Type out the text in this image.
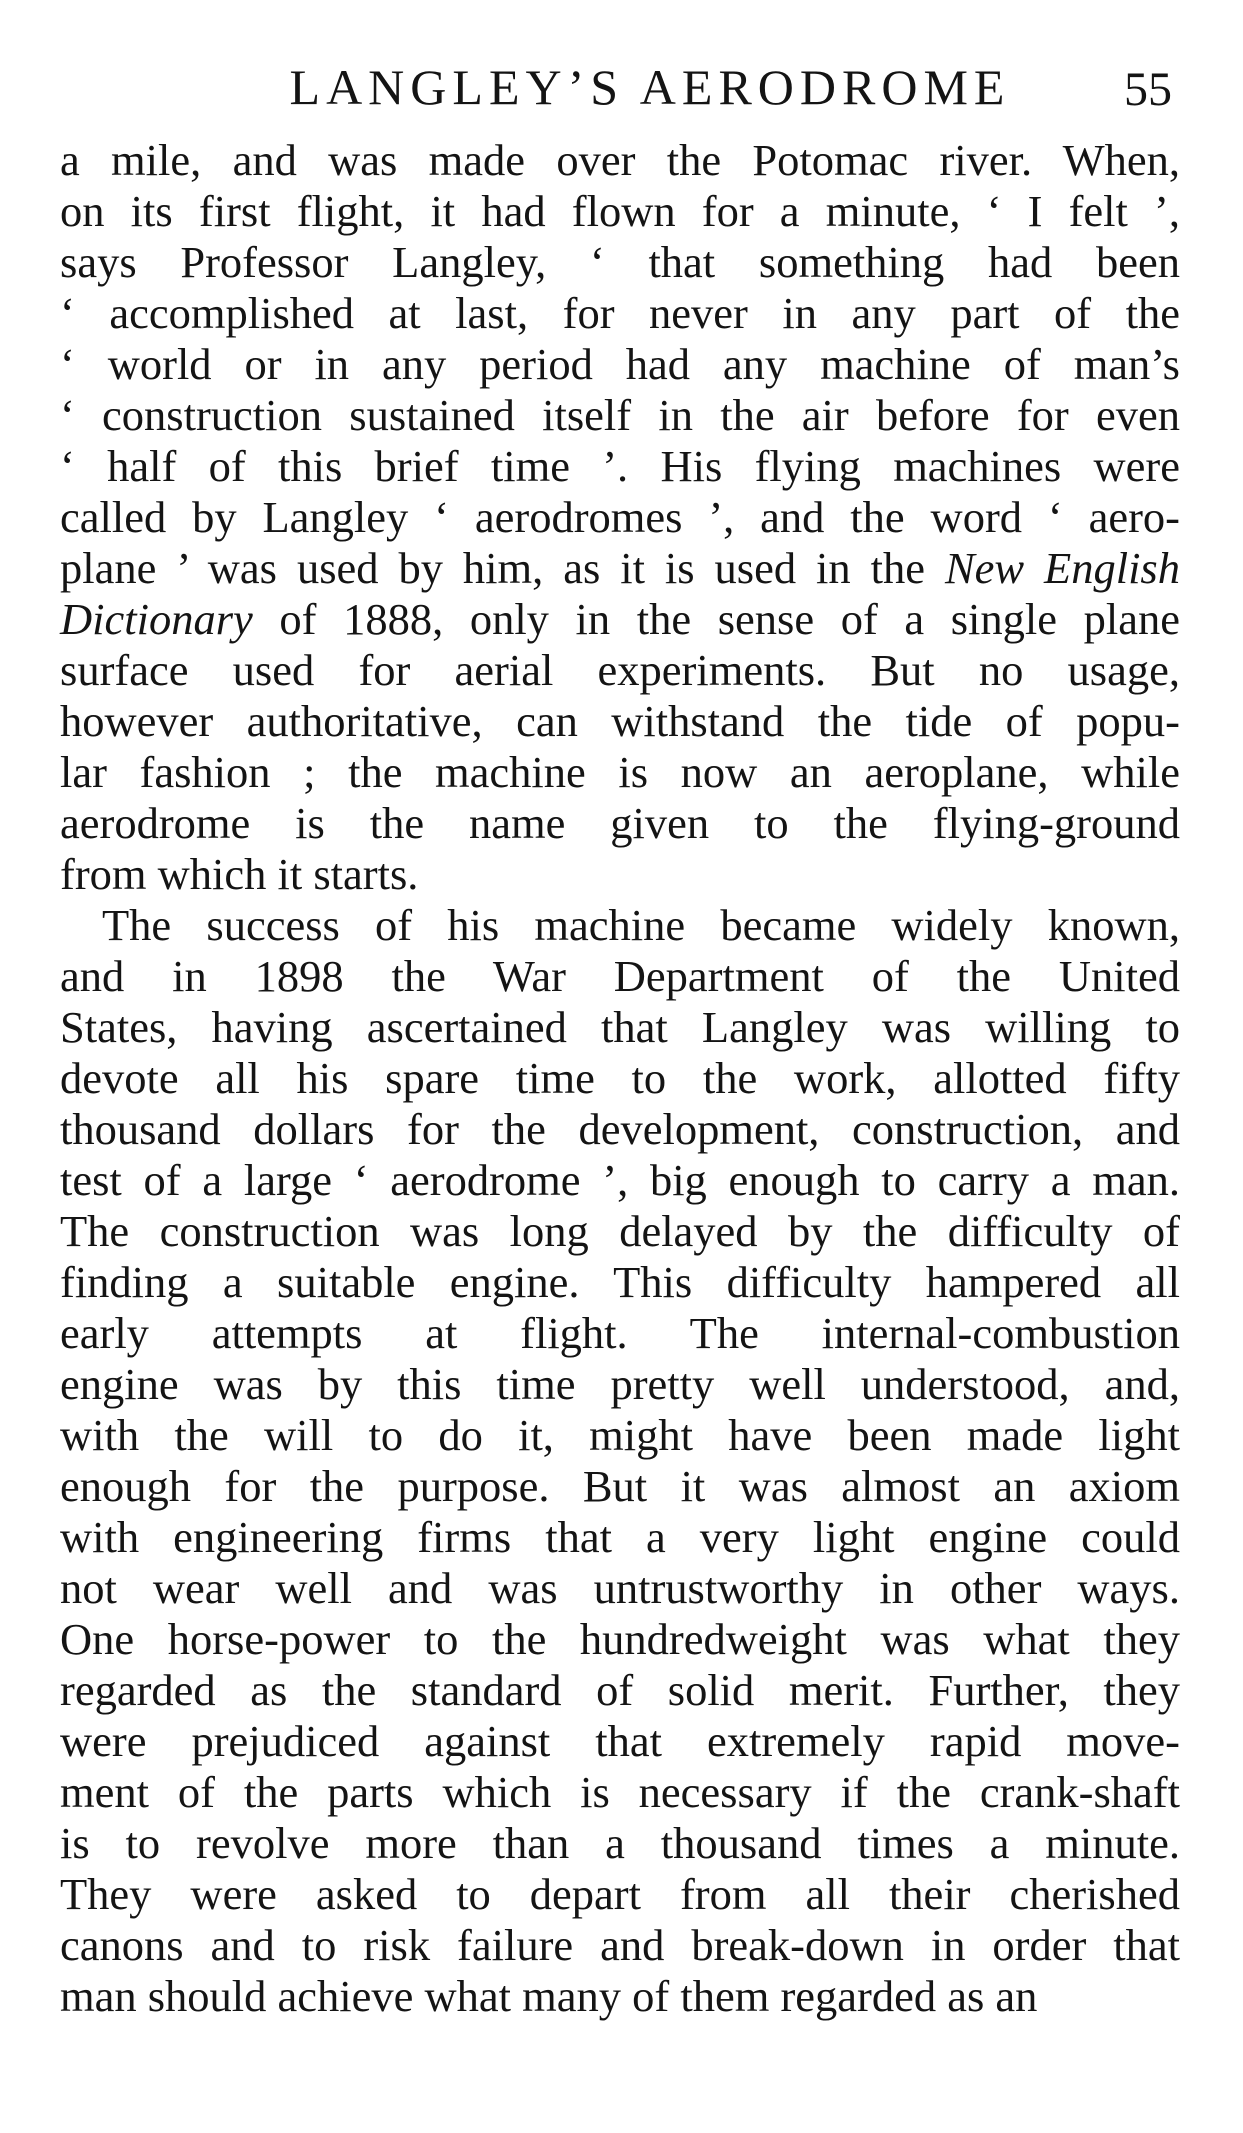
LANGLEY’S AERODROME	55
a mile, and was made over the Potomac river. When,
on its first flight, it had flown for a minute, ‘ I felt ’,
says Professor Langley, ‘ that something had been
‘ accomplished at last, for never in any part of the
‘ world or in any period had any machine of man’s
‘ construction sustained itself in the air before for even
‘ half of this brief time ’. His flying machines were
called by Langley ‘ aerodromes ’, and the word ‘ aero-
plane ’ was used by him, as it is used in the New English
Dictionary of 1888, only in the sense of a single plane
surface used for aerial experiments. But no usage,
however authoritative, can withstand the tide of popu-
lar fashion ; the machine is now an aeroplane, while
aerodrome is the name given to the flying-ground
from which it starts.
The success of his machine became widely known,
and in 1898 the War Department of the United
States, having ascertained that Langley was willing to
devote all his spare time to the work, allotted fifty
thousand dollars for the development, construction, and
test of a large ‘ aerodrome ’, big enough to carry a man.
The construction was long delayed by the difficulty of
finding a suitable engine. This difficulty hampered all
early attempts at flight. The internal-combustion
engine was by this time pretty well understood, and,
with the will to do it, might have been made light
enough for the purpose. But it was almost an axiom
with engineering firms that a very light engine could
not wear well and was untrustworthy in other ways.
One horse-power to the hundredweight was what they
regarded as the standard of solid merit. Further, they
were prejudiced against that extremely rapid move-
ment of the parts which is necessary if the crank-shaft
is to revolve more than a thousand times a minute.
They were asked to depart from all their cherished
canons and to risk failure and break-down in order that
man should achieve what many of them regarded as an
